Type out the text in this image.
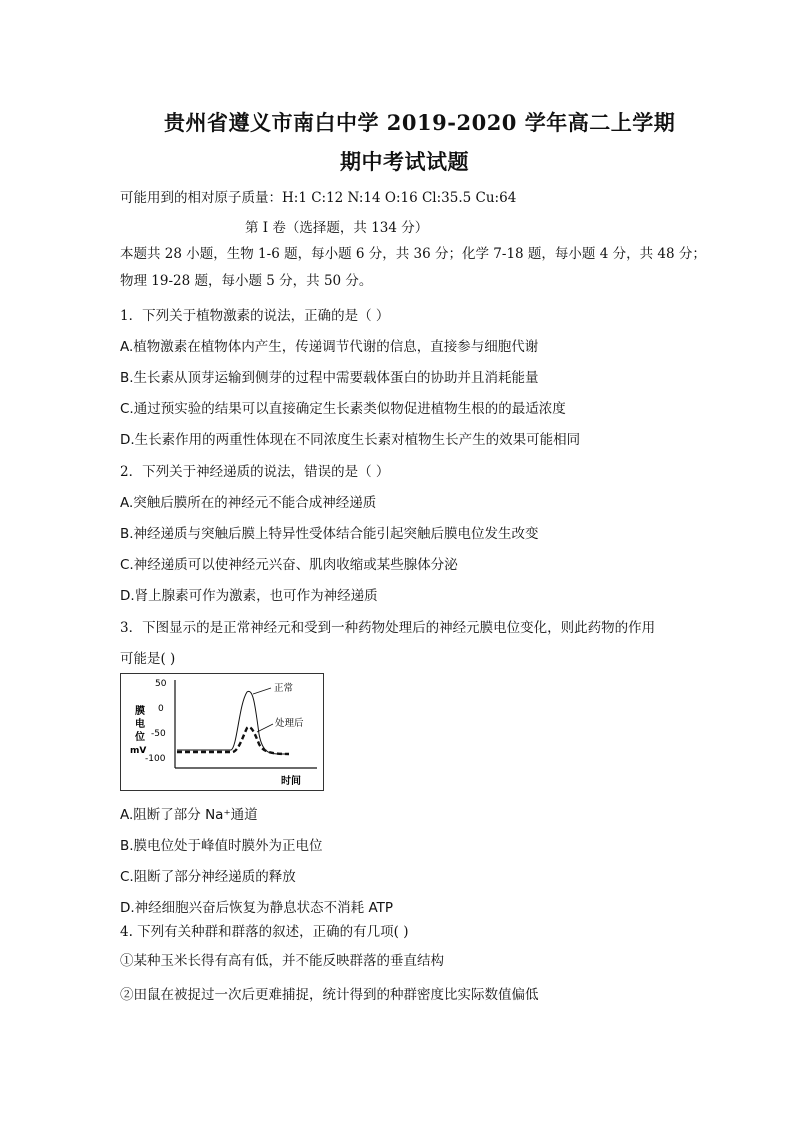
贵州省遵义市南白中学 2019-2020 学年高二上学期
期中考试试题
可能用到的相对原子质量：H:1 C:12 N:14 O:16 Cl:35.5 Cu:64
第 I 卷（选择题，共 134 分）
本题共 28 小题，生物 1-6 题，每小题 6 分，共 36 分；化学 7-18 题，每小题 4 分，共 48 分；
物理 19-28 题，每小题 5 分，共 50 分。
1．下列关于植物激素的说法，正确的是（ ）
A.植物激素在植物体内产生，传递调节代谢的信息，直接参与细胞代谢
B.生长素从顶芽运输到侧芽的过程中需要载体蛋白的协助并且消耗能量
C.通过预实验的结果可以直接确定生长素类似物促进植物生根的的最适浓度
D.生长素作用的两重性体现在不同浓度生长素对植物生长产生的效果可能相同
2．下列关于神经递质的说法，错误的是（ ）
A.突触后膜所在的神经元不能合成神经递质
B.神经递质与突触后膜上特异性受体结合能引起突触后膜电位发生改变
C.神经递质可以使神经元兴奋、肌肉收缩或某些腺体分泌
D.肾上腺素可作为激素，也可作为神经递质
3．下图显示的是正常神经元和受到一种药物处理后的神经元膜电位变化，则此药物的作用
可能是( )
膜
电
位
mV
50
0
-50
-100
正常
处理后
时间
A.阻断了部分 Na⁺通道
B.膜电位处于峰值时膜外为正电位
C.阻断了部分神经递质的释放
D.神经细胞兴奋后恢复为静息状态不消耗 ATP
4. 下列有关种群和群落的叙述，正确的有几项( )
①某种玉米长得有高有低，并不能反映群落的垂直结构
②田鼠在被捉过一次后更难捕捉，统计得到的种群密度比实际数值偏低
